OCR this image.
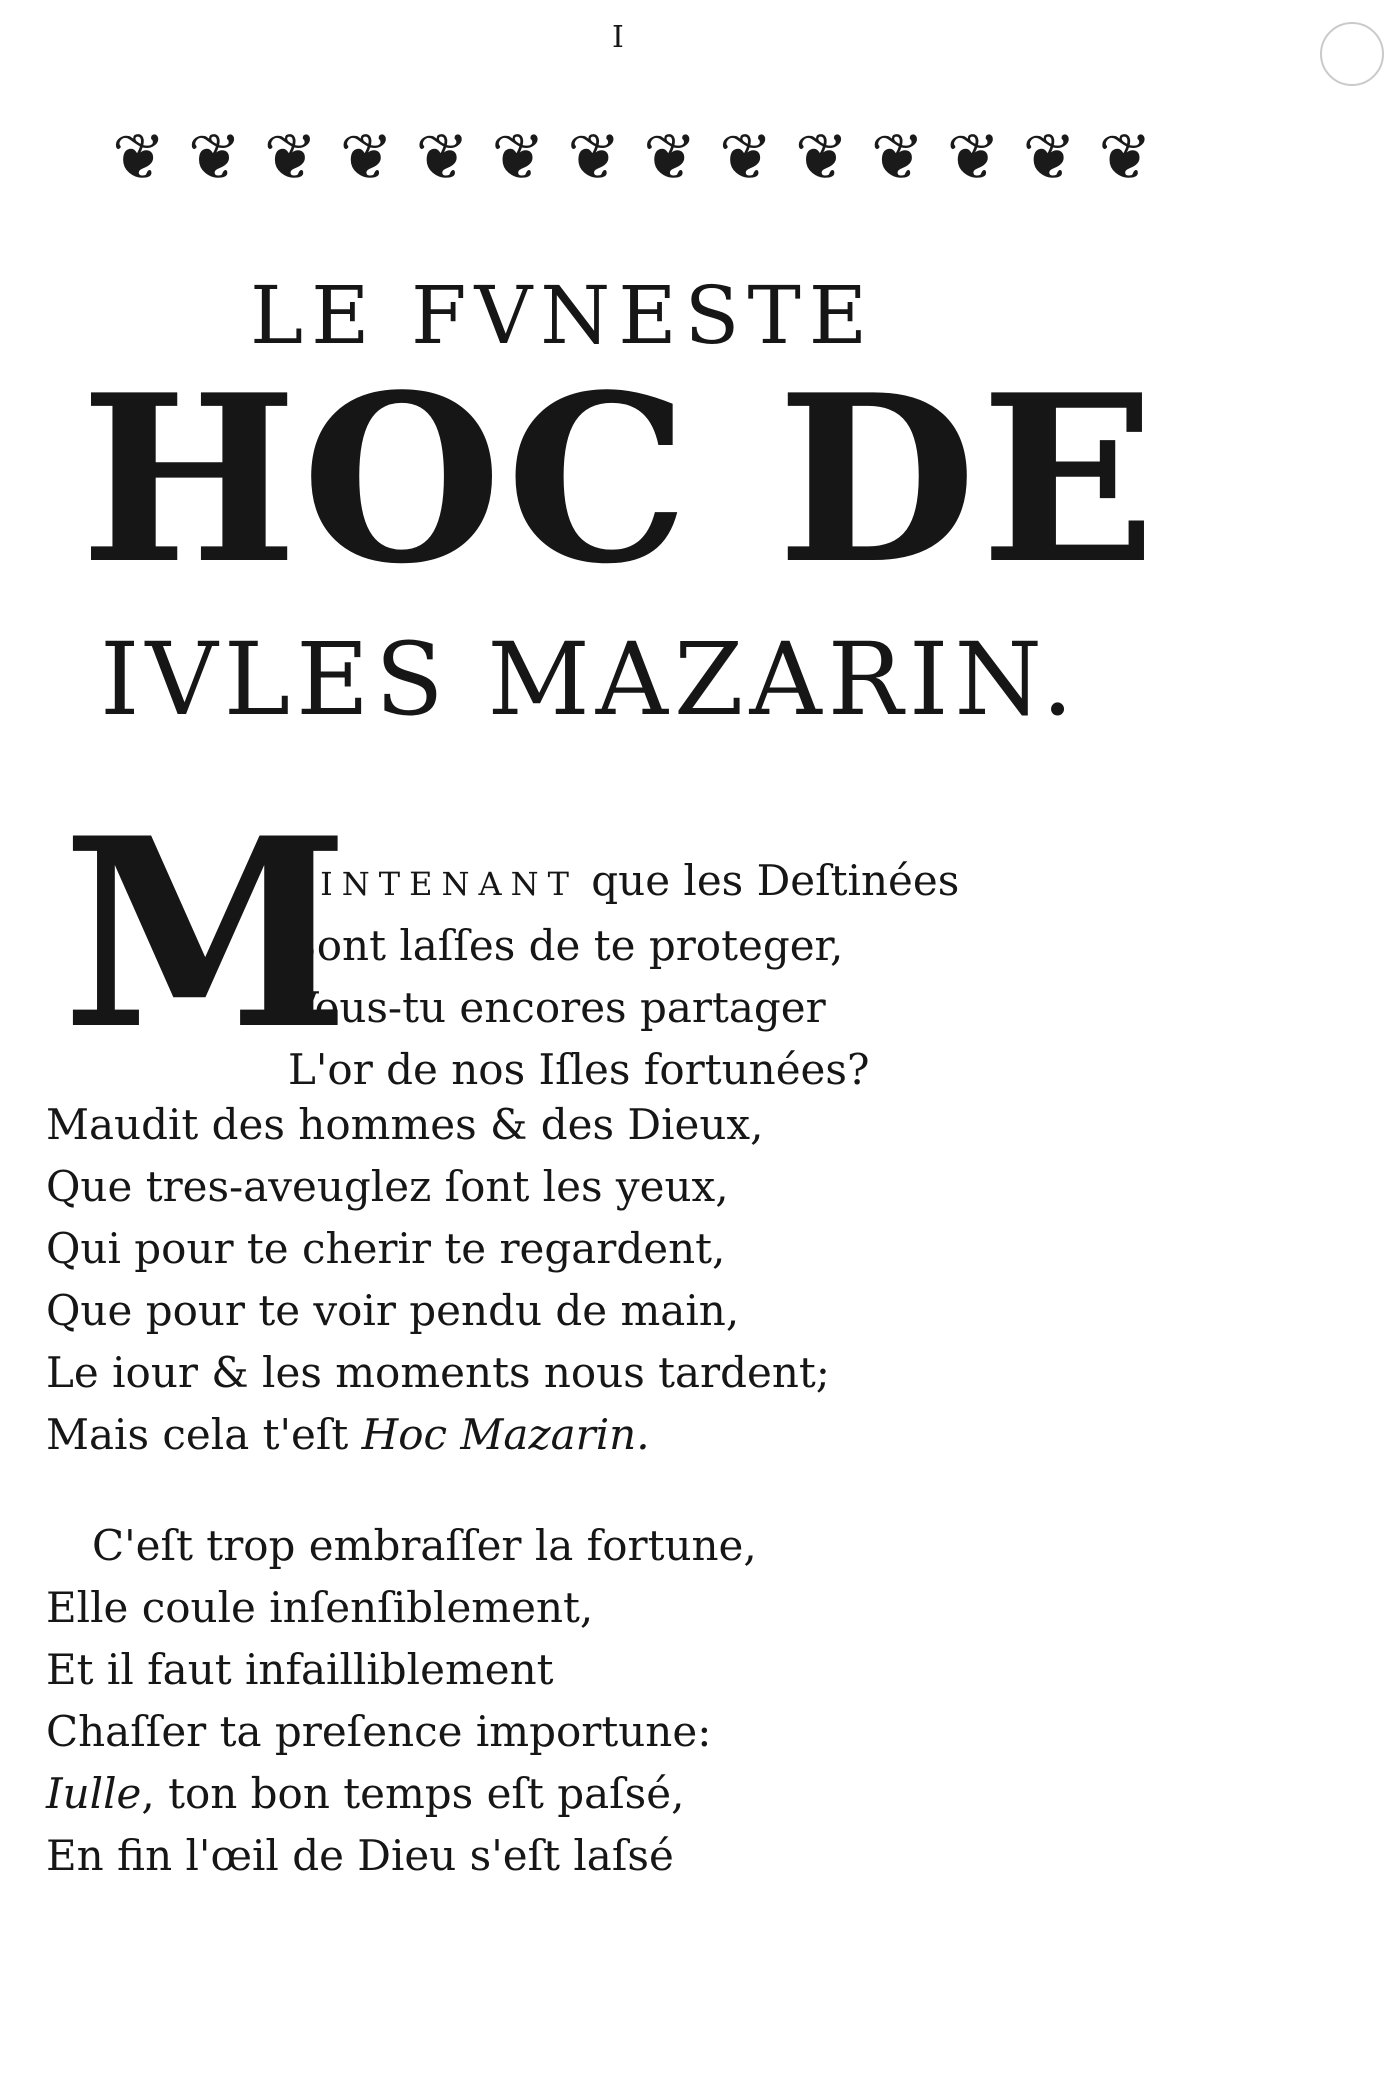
I
❦ ❦ ❦ ❦ ❦ ❦ ❦ ❦ ❦ ❦ ❦ ❦ ❦ ❦
LE FVNESTE
HOC DE
IVLES MAZARIN.
M
AINTENANT que les Deſtinées
Sont laſſes de te proteger,
Veus-tu encores partager
L'or de nos Iſles fortunées?
Maudit des hommes & des Dieux,
Que tres-aveuglez ſont les yeux,
Qui pour te cherir te regardent,
Que pour te voir pendu de main,
Le iour & les moments nous tardent;
Mais cela t'eſt Hoc Mazarin.
C'eſt trop embraſſer la fortune,
Elle coule inſenſiblement,
Et il faut infailliblement
Chaſſer ta preſence importune:
Iulle, ton bon temps eſt paſsé,
En fin l'œil de Dieu s'eſt laſsé
